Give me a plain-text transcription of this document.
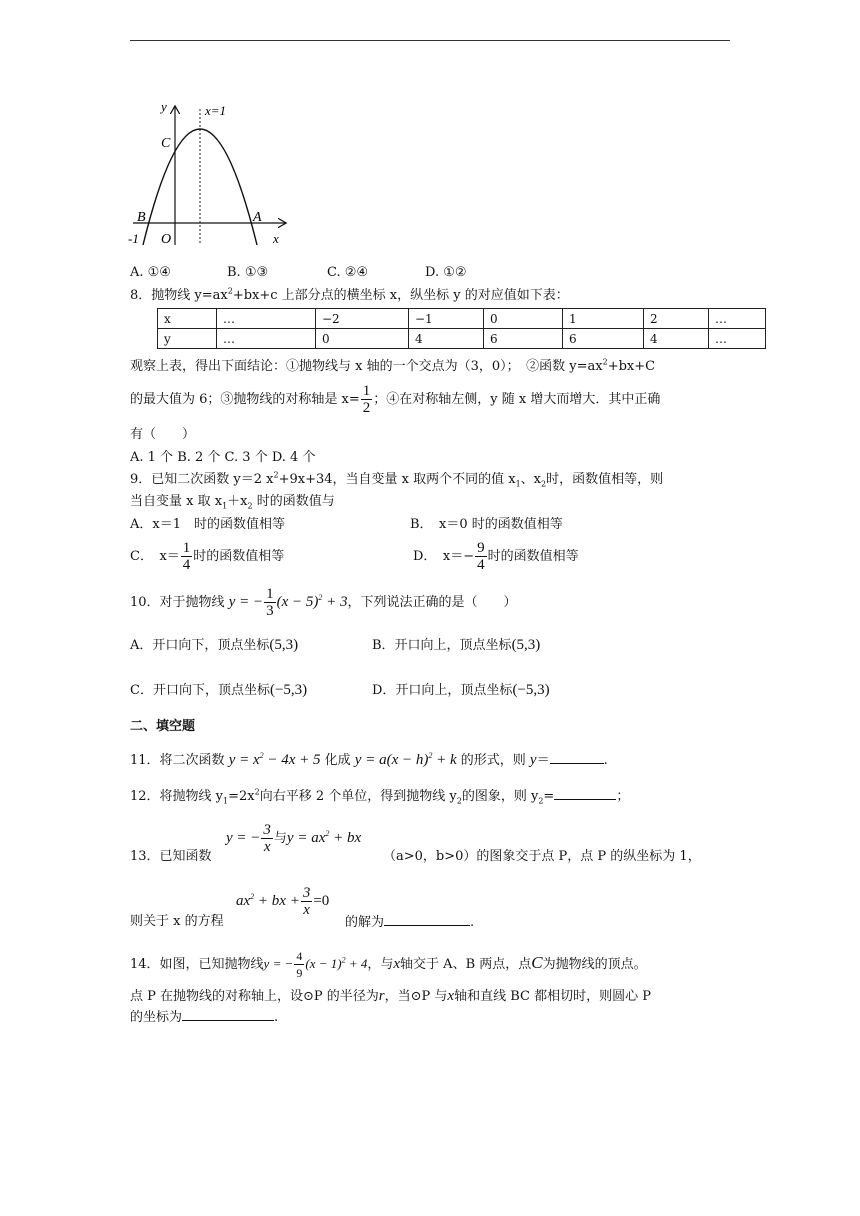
y	x=1
C
B	A
-1 O	x
A. ①④	B. ①③	C. ②④	D. ①②
8．抛物线 $y=ax^2+bx+c$ 上部分点的横坐标 x，纵坐标 y 的对应值如下表：
x	…	−2	−1	0	1	2	…
y	…	0	4	6	6	4	…
观察上表，得出下面结论：①抛物线与 x 轴的一个交点为（3，0）；　②函数 $y=ax^2+bx+C$
的最大值为 6；③抛物线的对称轴是 $x= \frac{1}{2}$ ；④在对称轴左侧，y 随 x 增大而增大．其中正确
有（　　）
A. 1 个 B. 2 个 C. 3 个 D. 4 个
9．已知二次函数 y＝2 $x^2+9x+34$，当自变量 x 取两个不同的值 $x_1$、$x_2$时，函数值相等，则
当自变量 x 取 $x_1+x_2$ 时的函数值与
A．x＝1　时的函数值相等	B．　x＝0 时的函数值相等
C．　$x= \frac{1}{4}$ 时的函数值相等	D．　$x=- \frac{9}{4}$ 时的函数值相等
10．对于抛物线 y = − $\frac{1}{3} (x - 5)^2 + 3$，下列说法正确的是（　　）
A．开口向下，顶点坐标(5,3)	B．开口向上，顶点坐标(5,3)
C．开口向下，顶点坐标(−5,3)	D．开口向上，顶点坐标(−5,3)
二、填空题
11．将二次函数 $y = x^2 - 4x + 5$ 化成 $y = a(x - h)^2 + k$ 的形式，则 y＝	.
12．将抛物线 $y_1=2x^2$向右平移 2 个单位，得到抛物线 $y_2$的图象，则 $y_2=$	；
y = − $\frac{3}{x}$ 与$y = ax^2$ + bx
13．已知函数	（a>0，b>0）的图象交于点 P，点 P 的纵坐标为 1，
$ax^2$ + bx + $\frac{3}{x} =0$
则关于 x 的方程	的解为	.
14．如图，已知抛物线y = − $\frac{4}{9} (x - 1)^2 + 4$，与x轴交于 A、B 两点，点C为抛物线的顶点。
点 P 在抛物线的对称轴上，设⊙P 的半径为r，当⊙P 与x轴和直线 BC 都相切时，则圆心 P
的坐标为	.
